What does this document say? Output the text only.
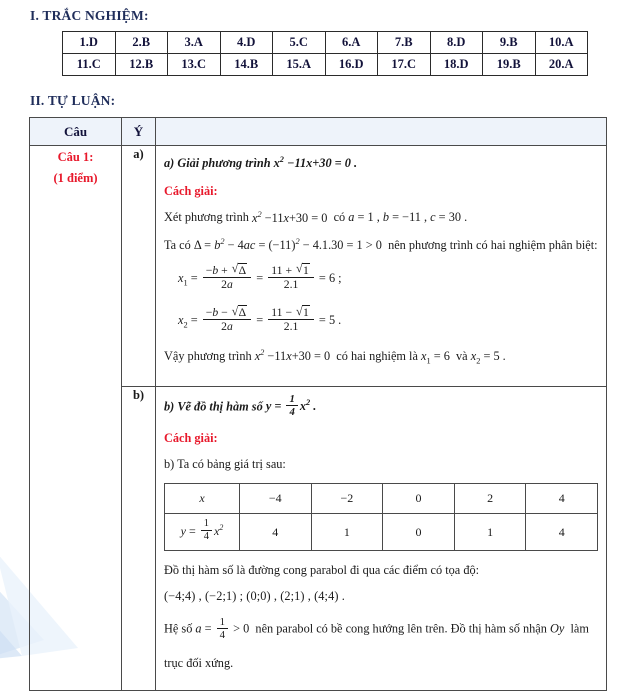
I. TRẮC NGHIỆM:
1.D	2.B	3.A	4.D	5.C	6.A	7.B	8.D	9.B	10.A
11.C	12.B	13.C	14.B	15.A	16.D	17.C	18.D	19.B	20.A
II. TỰ LUẬN:
Câu	Ý	

Câu 1:
(1 điểm)
	a)	
a) Giải phương trình $x^2 -11x+30 = 0$ .
Cách giải:
Xét phương trình $x^2 -11x+30 = 0$  có a = 1 , b = −11 , c = 30 .
Ta có $\Delta = b^2 - 4ac = (-11)^2 - 4.1.30 = 1 > 0$  nên phương trình có hai nghiệm phân biệt:
$x_1 = \frac{-b + √ \Delta}{2a} = \frac{11 + √ 1}{2.1} = 6$ ;
$x_2 = \frac{-b - √ \Delta}{2a} = \frac{11 - √ 1}{2.1} = 5$ .
Vậy phương trình $x^2 -11x+30 = 0$  có hai nghiệm là $x_1 = 6$  và $x_2 = 5$ .

b)	
b) Vẽ đồ thị hàm số $y = \frac{1}{4} x^2$ .
Cách giải:
b) Ta có bảng giá trị sau:
x	−4	−2	0	2	4
$y = \frac{1}{4} x^2$	4	1	0	1	4
Đồ thị hàm số là đường cong parabol đi qua các điểm có tọa độ:
(−4;4) , (−2;1) ; (0;0) , (2;1) , (4;4) .
Hệ số $a = \frac{1}{4} > 0$  nên parabol có bề cong hướng lên trên. Đồ thị hàm số nhận Oy  làm
trục đối xứng.
